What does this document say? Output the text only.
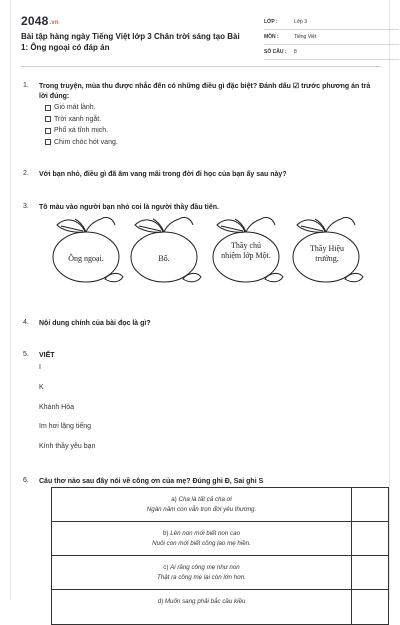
2048.vn
Bài tập hàng ngày Tiếng Việt lớp 3 Chân trời sáng tạo Bài 1: Ông ngoại có đáp án
LỚP :	Lớp 3
MÔN :	Tiếng Việt
SỐ CÂU :	8
1. Trong truyện, mùa thu được nhắc đến có những điều gì đặc biệt? Đánh dấu ☑ trước phương án trả lời đúng:
Gió mát lành.
Trời xanh ngắt.
Phố xá tĩnh mịch.
Chim chóc hót vang.
2. Với bạn nhỏ, điều gì đã âm vang mãi trong đời đi học của bạn ấy sau này?
3. Tô màu vào người bạn nhỏ coi là người thầy đầu tiên.
Ông ngoại.	Bố.
Thầy chủ nhiệm lớp Một.
Thầy Hiệu trưởng.
4. Nội dung chính của bài đọc là gì?
5. VIẾT
I
K
Khánh Hòa
Im hơi lặng tiếng
Kính thầy yêu bạn
6. Câu thơ nào sau đây nói về công ơn của mẹ? Đúng ghi Đ, Sai ghi S
a) Cha là tất cả cha ơi
Ngàn năm con vẫn trọn đời yêu thương.
b) Lên non mới biết non cao
Nuôi con mới biết công lao mẹ hiền.
c) Ai răng công mẹ như non
Thật ra công mẹ lại còn lớn hơn.
d) Muốn sang phải bắc cầu kiều
